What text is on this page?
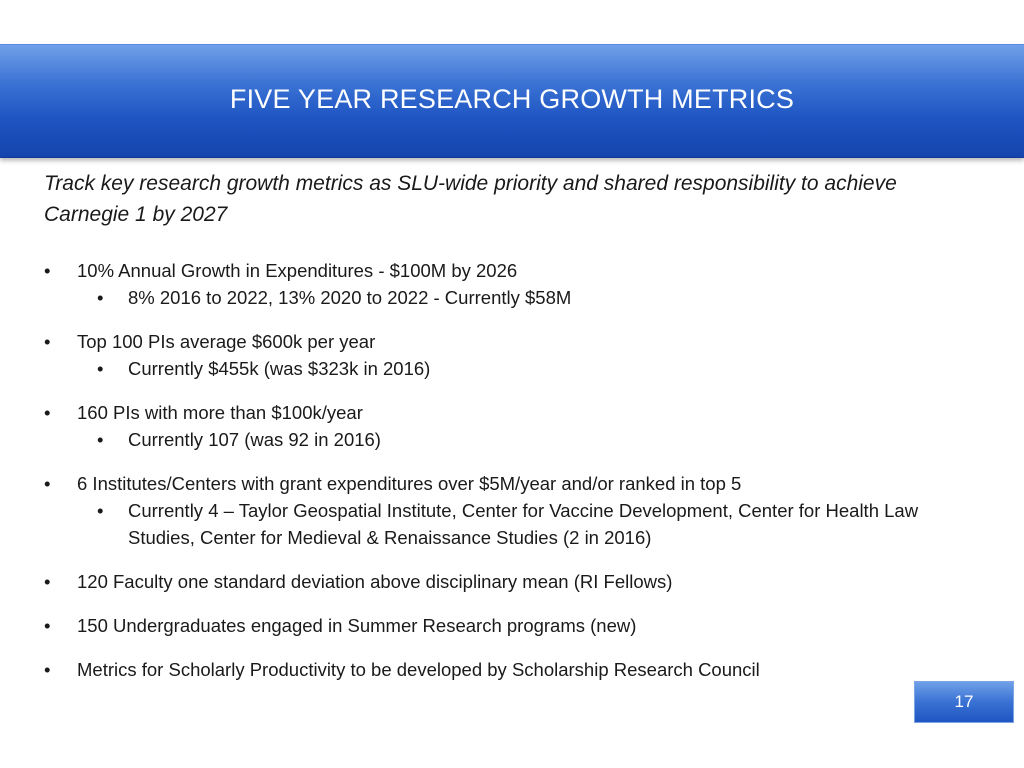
FIVE YEAR RESEARCH GROWTH METRICS
Track key research growth metrics as SLU-wide priority and shared responsibility to achieve Carnegie 1 by 2027
• 10% Annual Growth in Expenditures - $100M by 2026
• 8% 2016 to 2022, 13% 2020 to 2022 - Currently $58M
• Top 100 PIs average $600k per year
• Currently $455k (was $323k in 2016)
• 160 PIs with more than $100k/year
• Currently 107 (was 92 in 2016)
• 6 Institutes/Centers with grant expenditures over $5M/year and/or ranked in top 5
• Currently 4 – Taylor Geospatial Institute, Center for Vaccine Development, Center for Health Law Studies, Center for Medieval & Renaissance Studies (2 in 2016)
• 120 Faculty one standard deviation above disciplinary mean (RI Fellows)
• 150 Undergraduates engaged in Summer Research programs (new)
• Metrics for Scholarly Productivity to be developed by Scholarship Research Council
17
